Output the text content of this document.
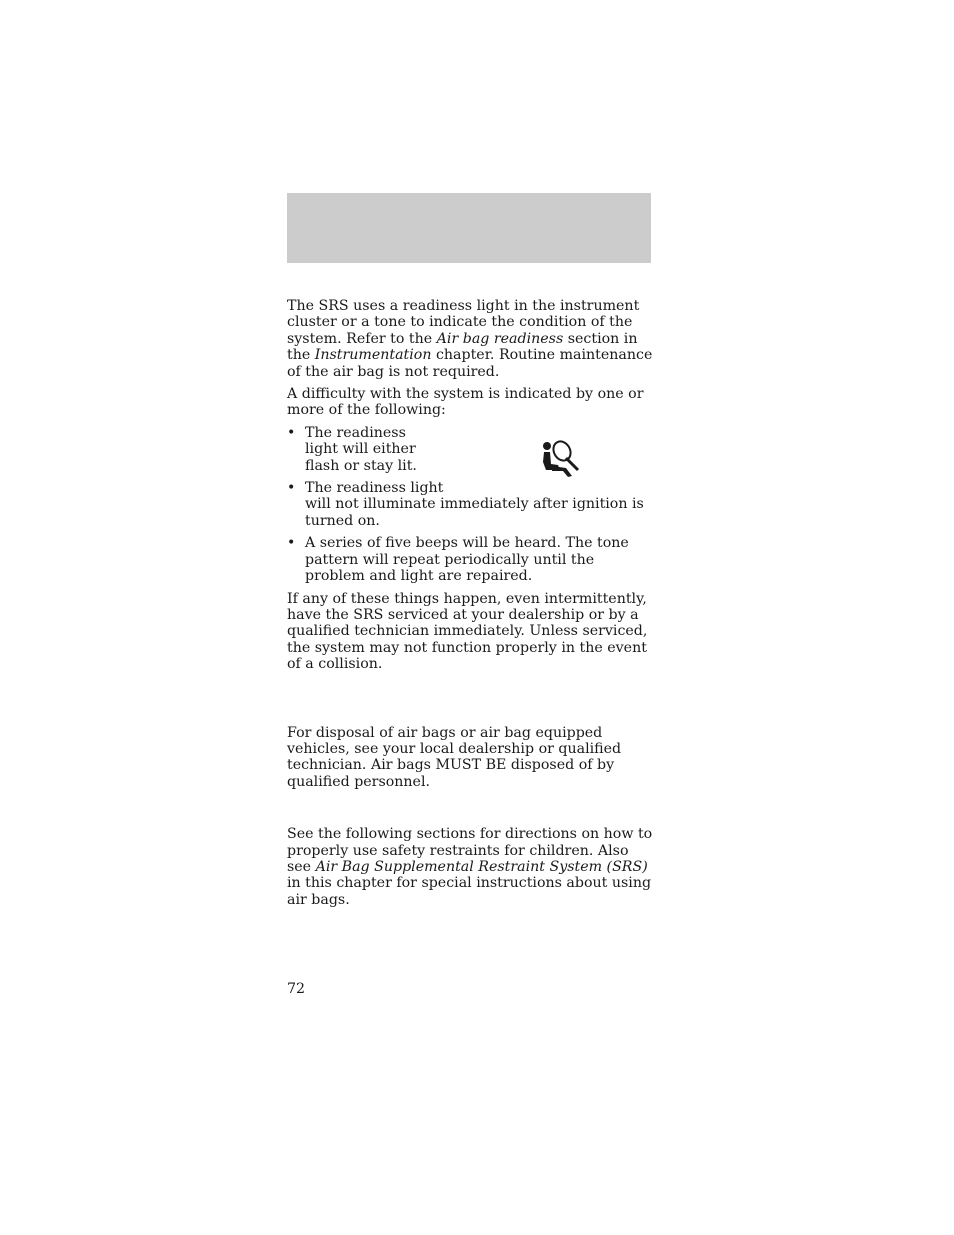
The SRS uses a readiness light in the instrument cluster or a tone to indicate the condition of the system. Refer to the Air bag readiness section in the Instrumentation chapter. Routine maintenance of the air bag is not required.

A difficulty with the system is indicated by one or more of the following:

• The readiness light will either flash or stay lit.
• The readiness light
will not illuminate immediately after ignition is turned on.
• A series of five beeps will be heard. The tone pattern will repeat periodically until the problem and light are repaired.

If any of these things happen, even intermittently, have the SRS serviced at your dealership or by a qualified technician immediately. Unless serviced, the system may not function properly in the event of a collision.

For disposal of air bags or air bag equipped vehicles, see your local dealership or qualified technician. Air bags MUST BE disposed of by qualified personnel.

See the following sections for directions on how to properly use safety restraints for children. Also see Air Bag Supplemental Restraint System (SRS) in this chapter for special instructions about using air bags.

72
